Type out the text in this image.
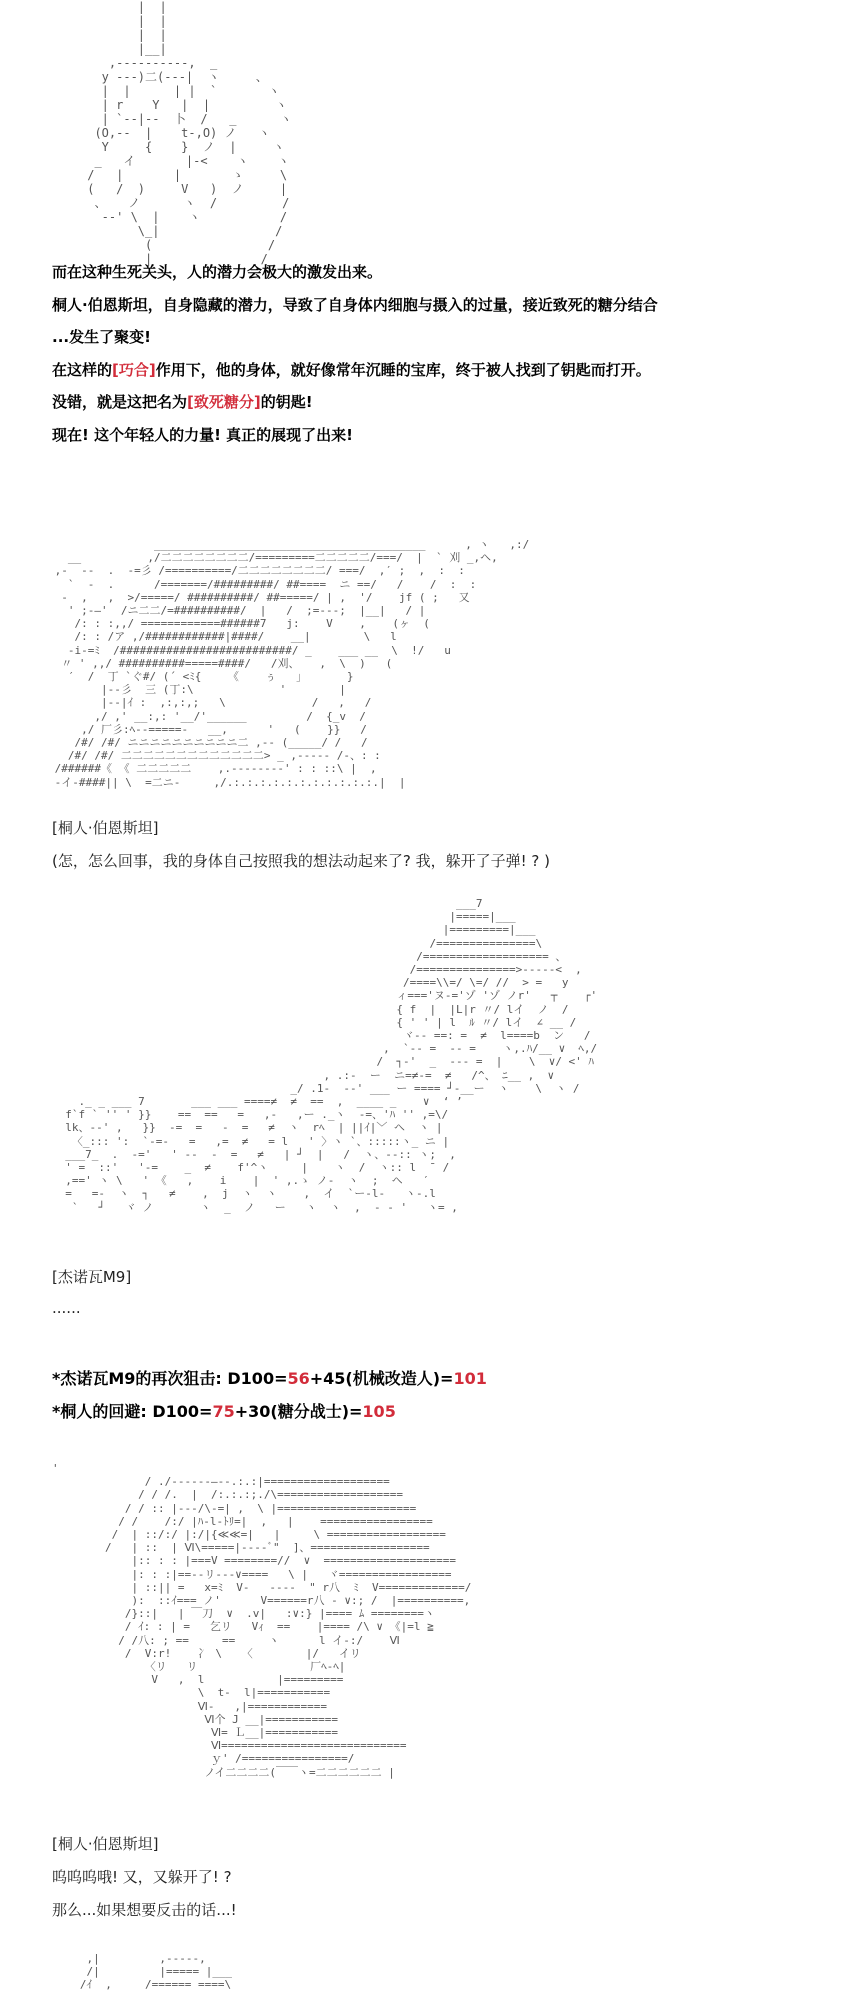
|  |
|  |
|  |
|__|
,----------,  _
y ---)二(---|  ヽ     、
|  |      | |  `       ヽ
| r    Y   |  |         ヽ
| `--|--  卜  /   _      ヽ
(O,--  |    t-,O) ノ   ヽ
Y     {    }  ノ  |     ヽ
_   イ       |-<    ヽ    ヽ
/   |       |       ゝ     \
(   /  )     V   )  ノ     |
、   ノ      ヽ  /         /
--' \  |    ヽ           /
\_|                /
(                /
|               /
而在这种生死关头，人的潜力会极大的激发出来。
桐人·伯恩斯坦，自身隐藏的潜力，导致了自身体内细胞与摄入的过量，接近致死的糖分结合
...发生了聚变!
在这样的[巧合]作用下，他的身体，就好像常年沉睡的宝库，终于被人找到了钥匙而打开。
没错，就是这把名为[致死糖分]的钥匙!
现在! 这个年轻人的力量! 真正的展现了出来!
_________________________________________      , ヽ   ,:/
__          ,/二二二二二二二二/=========二二二二二/===/  |  ` 刈 _,ヘ,
,-  --  .  -=彡 /==========/二二二二二二二二/ ===/  ,′ ;  ,  :  :
`  -  .      /=======/#########/ ##====  ニ ==/   /    /  :  :
-  ,   ,  >/=====/ ##########/ ##=====/ | ,  '/    jf ( ;   又
' ;-―'  /ニ二二/=##########/  |   /  ;=---;  |__|   / |
/: : :,,/ ============######7   j:    V    ,    (ヶ  (
/: : /ア ,/############|####/    __|        \   l
-i-=ﾐ  /##########################/ _    ___ __  \  !/   u
〃 ' ,,/ ##########=====####/   /刈、   ,  \  )   (
′  /  丁 `ぐ#/ (´ <ﾐ{    《    ぅ   」      }
|--彡  三 (丁:\             '        |
|--|ｲ :  ,:,:,;   \             /   ,   /
,/ ,' __:,: '__/'______         /  {_v  /
,/ 厂彡:ﾍ--=====-   __,      '   (    }}   /
/#/ /#/ ニニニニニニニニニニ二 ,-- (_____/ /   /
/#/ /#/ 二二二二二二二二二二二二二> _ ,----- /-、: :
/######《 《 二二二二二    ,.--------' : : ::\ |  ,
-イ-####|| \  =二ニ-     ,/.:.:.:.:.:.:.:.:.:.:.:.|  |
[桐人·伯恩斯坦]
(怎，怎么回事，我的身体自己按照我的想法动起来了? 我，躲开了子弹! ? )
___7
|=====|___
|=========|___
/===============\
/=================== 、
/===============>-----<  ,
/====\\=/ \=/ //  > =   y
ィ==='ヌ-='ゾ 'ゾ ノr'   ┬    ┌'
{ f  |  |L|r 〃/ lイ  ノ  /
{ ' ' | l  ﾙ 〃/ lイ  ∠ __ /
ヾ-- ==: =  ≠  l====b  ン   /
,  `-- =  -- =    ヽ,.ﾊ/__ ∨  ﾍ,/
/  ┐-'  _  --- =  |    \  ∨/ <' ﾊ
, .:-  ー  ニ=≠-=  ≠   /^、 ﾆ__ ,  ∨
_/ .1-  --' ___ ー ==== ┘-__ー  ヽ    \  ヽ /
._ _ ___ 7       ___ ___ ====≠  ≠  ==  ,  ____ _    ∨  ‘ ’
f`f ` '' ' }}    ==  ==   =   ,-   ,ー ._ヽ  -=、'ﾊ '' ,=\/
lk、--' ,   }}  -=  =   -  =   ≠  ヽ  rﾍ  | ||ｲ|﹀ ヘ  ヽ |
〈_::: ':  `-=-   =   ,=  ≠   = l   ' 〉ヽ `、:::::ヽ_ ニ |
___7_  .  -='   ' --  -  =   ≠   | ┘  |   /  ヽ、--:: ヽ;  ,
' =  ::'   '-=    _  ≠    f'^ヽ     |    ヽ  /  ヽ:: l  ̄  /
,==' ヽ \   ' 《   ,    i    |  ' ,.ゝ ノ‐  ヽ  ;  ヘ   ′
=   =-  ヽ  ┐   ≠    ,  j  ヽ  ヽ    ,  イ  `ー-l-   ヽ-.l
`   ┘   ヾ ノ       ヽ  _  ノ   ー   ヽ  ヽ  ,  - - '   ヽ= ,
[杰诺瓦M9]
......
*杰诺瓦M9的再次狙击: D100=56+45(机械改造人)=101
*桐人的回避: D100=75+30(糖分战士)=105
'
/ ./------―--.:.:|===================
/ / /.  |  /:.:.:;./\===================
/ / :: |---/\-=| ,  \ |=====================
/ /    /:/ |ﾊ-l-ﾄﾘ=|  ,   |    =================
/  | ::/:/ |:/|{≪≪=|   |     \ ==================
/   | ::  | Ⅵ\=====|----ﾞ"  ]、==================
|:: : : |===V ========//  ∨  ====================
|: : :|==--リ---∨====   \ |   ヾ=================
| ::|| =   x=ﾐ  V-   ----  " r八  ﾐ  V=============/
):  ::ｲ=== ノ'      V======r八 - ∨:; /  |==========,
/}::|   | ￣刀  ∨  .v|   :∨:} |==== ﾑ ========ヽ
/ ｲ: : | =   乞リ   Vｨ  ==    |==== /\ ∨ 《|=l ≧
/ /八: ; ==     ==     ヽ      l イ-:/    Ⅵ
/  V:r!    冫 \   〈        |/   イリ
〈リ   リ                 厂ﾍ-ﾍ|
V   ,  l           |=========
\  t-  l|===========
Ⅵ-   ,|============
Ⅵ个 J __|===========
Ⅵ= Ｌ__|===========
Ⅵ============================
ｙ' /================/
ノイ二二二二(￣￣ヽ=二二二二二二 |
[桐人·伯恩斯坦]
呜呜呜哦! 又，又躲开了! ?
那么...如果想要反击的话...!
,|         ,-----,
/|         |===== |___
/ｲ  ,     /====== ====\
